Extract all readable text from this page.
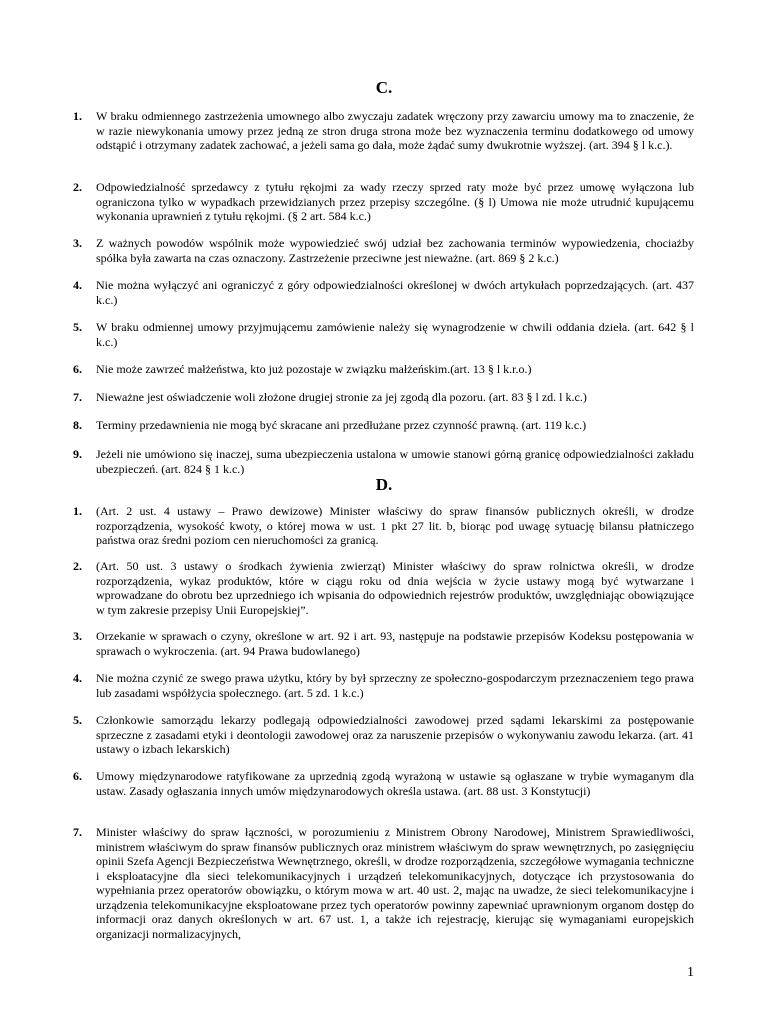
C.
1. W braku odmiennego zastrzeżenia umownego albo zwyczaju zadatek wręczony przy zawarciu umowy ma to znaczenie, że w razie niewykonania umowy przez jedną ze stron druga strona może bez wyznaczenia terminu dodatkowego od umowy odstąpić i otrzymany zadatek zachować, a jeżeli sama go dała, może żądać sumy dwukrotnie wyższej. (art. 394 § l k.c.).
2. Odpowiedzialność sprzedawcy z tytułu rękojmi za wady rzeczy sprzed raty może być przez umowę wyłączona lub ograniczona tylko w wypadkach przewidzianych przez przepisy szczególne. (§ l) Umowa nie może utrudnić kupującemu wykonania uprawnień z tytułu rękojmi. (§ 2 art. 584 k.c.)
3. Z ważnych powodów wspólnik może wypowiedzieć swój udział bez zachowania terminów wypowiedzenia, chociażby spółka była zawarta na czas oznaczony. Zastrzeżenie przeciwne jest nieważne. (art. 869 § 2 k.c.)
4. Nie można wyłączyć ani ograniczyć z góry odpowiedzialności określonej w dwóch artykułach poprzedzających. (art. 437 k.c.)
5. W braku odmiennej umowy przyjmującemu zamówienie należy się wynagrodzenie w chwili oddania dzieła. (art. 642 § l k.c.)
6. Nie może zawrzeć małżeństwa, kto już pozostaje w związku małżeńskim.(art. 13 § l k.r.o.)
7. Nieważne jest oświadczenie woli złożone drugiej stronie za jej zgodą dla pozoru. (art. 83 § l zd. l k.c.)
8. Terminy przedawnienia nie mogą być skracane ani przedłużane przez czynność prawną. (art. 119 k.c.)
9. Jeżeli nie umówiono się inaczej, suma ubezpieczenia ustalona w umowie stanowi górną granicę odpowiedzialności zakładu ubezpieczeń. (art. 824 § 1 k.c.)
D.
1. (Art. 2 ust. 4 ustawy – Prawo dewizowe) Minister właściwy do spraw finansów publicznych określi, w drodze rozporządzenia, wysokość kwoty, o której mowa w ust. 1 pkt 27 lit. b, biorąc pod uwagę sytuację bilansu płatniczego państwa oraz średni poziom cen nieruchomości za granicą.
2. (Art. 50 ust. 3 ustawy o środkach żywienia zwierząt) Minister właściwy do spraw rolnictwa określi, w drodze rozporządzenia, wykaz produktów, które w ciągu roku od dnia wejścia w życie ustawy mogą być wytwarzane i wprowadzane do obrotu bez uprzedniego ich wpisania do odpowiednich rejestrów produktów, uwzględniając obowiązujące w tym zakresie przepisy Unii Europejskiej”.
3. Orzekanie w sprawach o czyny, określone w art. 92 i art. 93, następuje na podstawie przepisów Kodeksu postępowania w sprawach o wykroczenia. (art. 94 Prawa budowlanego)
4. Nie można czynić ze swego prawa użytku, który by był sprzeczny ze społeczno-gospodarczym przeznaczeniem tego prawa lub zasadami współżycia społecznego. (art. 5 zd. 1 k.c.)
5. Członkowie samorządu lekarzy podlegają odpowiedzialności zawodowej przed sądami lekarskimi za postępowanie sprzeczne z zasadami etyki i deontologii zawodowej oraz za naruszenie przepisów o wykonywaniu zawodu lekarza. (art. 41 ustawy o izbach lekarskich)
6. Umowy międzynarodowe ratyfikowane za uprzednią zgodą wyrażoną w ustawie są ogłaszane w trybie wymaganym dla ustaw. Zasady ogłaszania innych umów międzynarodowych określa ustawa. (art. 88 ust. 3 Konstytucji)
7. Minister właściwy do spraw łączności, w porozumieniu z Ministrem Obrony Narodowej, Ministrem Sprawiedliwości, ministrem właściwym do spraw finansów publicznych oraz ministrem właściwym do spraw wewnętrznych, po zasięgnięciu opinii Szefa Agencji Bezpieczeństwa Wewnętrznego, określi, w drodze rozporządzenia, szczegółowe wymagania techniczne i eksploatacyjne dla sieci telekomunikacyjnych i urządzeń telekomunikacyjnych, dotyczące ich przystosowania do wypełniania przez operatorów obowiązku, o którym mowa w art. 40 ust. 2, mając na uwadze, że sieci telekomunikacyjne i urządzenia telekomunikacyjne eksploatowane przez tych operatorów powinny zapewniać uprawnionym organom dostęp do informacji oraz danych określonych w art. 67 ust. 1, a także ich rejestrację, kierując się wymaganiami europejskich organizacji normalizacyjnych,
1
